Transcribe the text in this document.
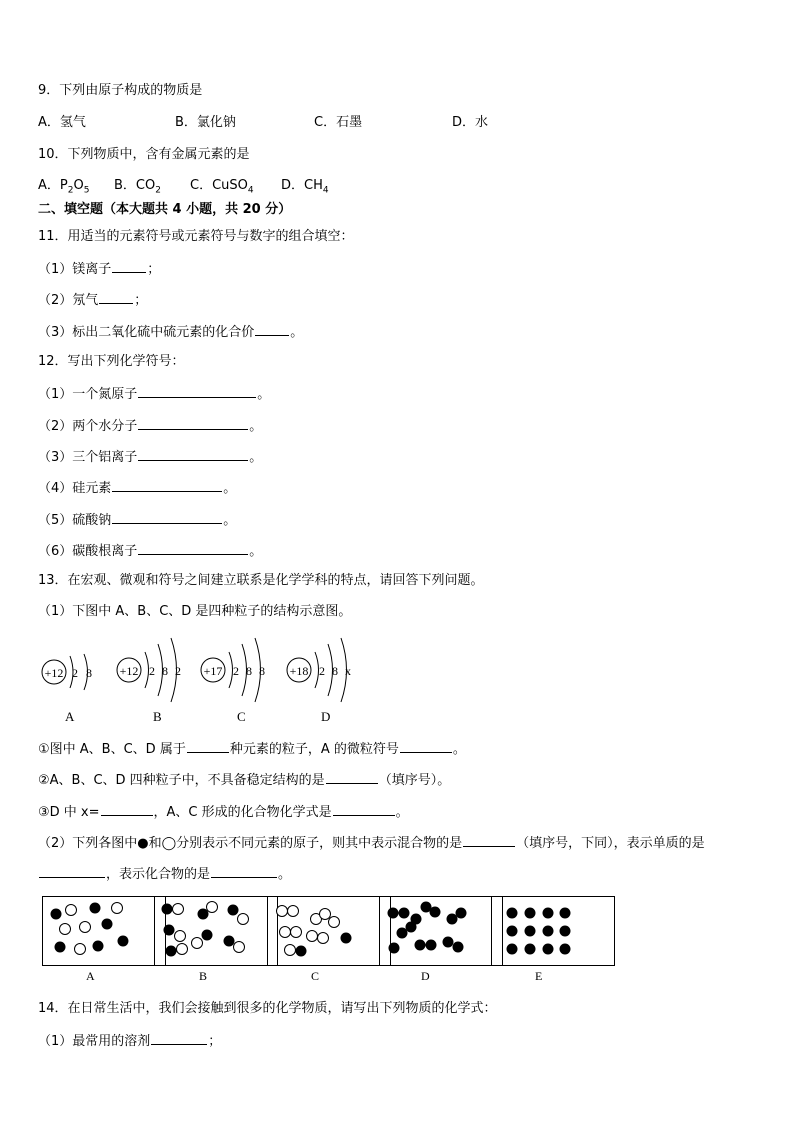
9．下列由原子构成的物质是
A．氢气	B．氯化钠	C．石墨	D．水
10．下列物质中，含有金属元素的是
A．$P_2O_5$ B．$CO_2$ C．CuSO$_4$ D．$CH_4$
二、填空题（本大题共 4 小题，共 20 分）
11．用适当的元素符号或元素符号与数字的组合填空：
（1）镁离子	；
（2）氖气	；
（3）标出二氧化硫中硫元素的化合价	。
12．写出下列化学符号：
（1）一个氮原子	。
（2）两个水分子	。
（3）三个铝离子	。
（4）硅元素	。
（5）硫酸钠	。
（6）碳酸根离子	。
13．在宏观、微观和符号之间建立联系是化学学科的特点，请回答下列问题。
（1）下图中 A、B、C、D 是四种粒子的结构示意图。
+12 2 8 +12 2 8 2 +17 2 8 8 +18 2 8 x
A	B	C	D
①图中 A、B、C、D 属于	种元素的粒子，A 的微粒符号	。
②A、B、C、D 四种粒子中，不具备稳定结构的是	（填序号）。
③D 中 x=	，A、C 形成的化合物化学式是	。
（2）下列各图中●和◯分别表示不同元素的原子，则其中表示混合物的是	（填序号，下同），表示单质的是
，表示化合物的是	。
A	B	C	D	E
14．在日常生活中，我们会接触到很多的化学物质，请写出下列物质的化学式：
（1）最常用的溶剂	；
